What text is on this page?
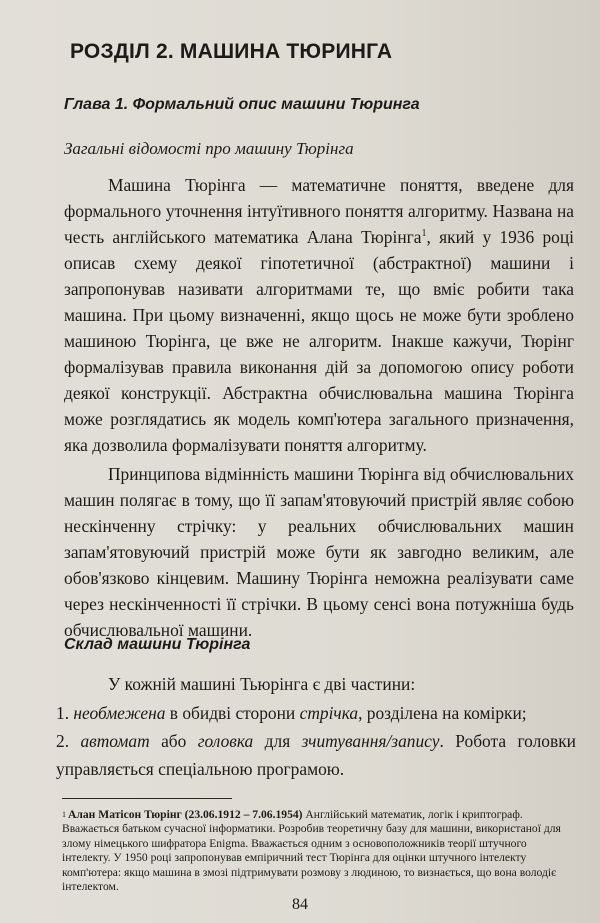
РОЗДІЛ 2. МАШИНА ТЮРИНГА
Глава 1. Формальний опис машини Тюринга
Загальні відомості про машину Тюрінга

Машина Тюрінга — математичне поняття, введене для формального уточнення інтуїтивного поняття алгоритму. Названа на честь англійського математика Алана Тюрінга$^1$, який у 1936 році описав схему деякої гіпотетичної (абстрактної) машини і запропонував називати алгоритмами те, що вміє робити така машина. При цьому визначенні, якщо щось не може бути зроблено машиною Тюрінга, це вже не алгоритм. Інакше кажучи, Тюрінг формалізував правила виконання дій за допомогою опису роботи деякої конструкції. Абстрактна обчислювальна машина Тюрінга може розглядатись як модель комп'ютера загального призначення, яка дозволила формалізувати поняття алгоритму.

Принципова відмінність машини Тюрінга від обчислювальних машин полягає в тому, що її запам'ятовуючий пристрій являє собою нескінченну стрічку: у реальних обчислювальних машин запам'ятовуючий пристрій може бути як завгодно великим, але обов'язково кінцевим. Машину Тюрінга неможна реалізувати саме через нескінченності її стрічки. В цьому сенсі вона потужніша будь обчислювальної машини.

Склад машини Тюрінга

У кожній машині Тьюрінга є дві частини:

1. необмежена в обидві сторони стрічка, розділена на комірки;
2. автомат або головка для зчитування/запису. Робота головки управляється спеціальною програмою.

$^1$ Алан Матісон Тюрінг (23.06.1912 – 7.06.1954) Англійський математик, логік і криптограф. Вважається батьком сучасної інформатики. Розробив теоретичну базу для машини, використаної для злому німецького шифратора Enigma. Вважається одним з основоположників теорії штучного інтелекту. У 1950 році запропонував емпіричний тест Тюрінга для оцінки штучного інтелекту комп'ютера: якщо машина в змозі підтримувати розмову з людиною, то визнається, що вона володіє інтелектом.

84
